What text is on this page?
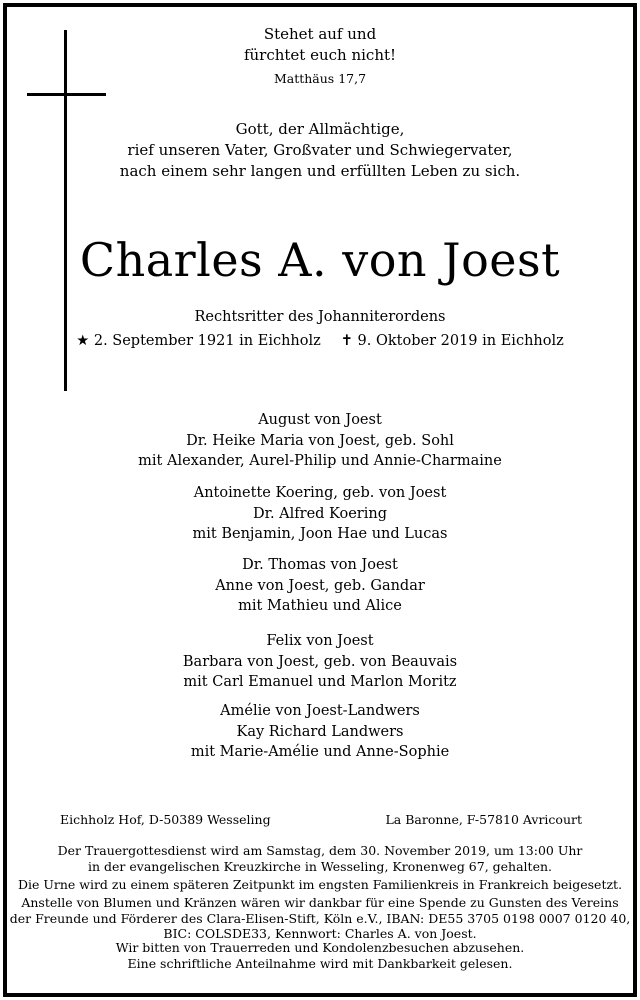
Stehet auf und
fürchtet euch nicht!
Matthäus 17,7
Gott, der Allmächtige,
rief unseren Vater, Großvater und Schwiegervater,
nach einem sehr langen und erfüllten Leben zu sich.
Charles A. von Joest
Rechtsritter des Johanniterordens
★ 2. September 1921 in Eichholz ✝ 9. Oktober 2019 in Eichholz
August von Joest
Dr. Heike Maria von Joest, geb. Sohl
mit Alexander, Aurel-Philip und Annie-Charmaine
Antoinette Koering, geb. von Joest
Dr. Alfred Koering
mit Benjamin, Joon Hae und Lucas
Dr. Thomas von Joest
Anne von Joest, geb. Gandar
mit Mathieu und Alice
Felix von Joest
Barbara von Joest, geb. von Beauvais
mit Carl Emanuel und Marlon Moritz
Amélie von Joest-Landwers
Kay Richard Landwers
mit Marie-Amélie und Anne-Sophie
Eichholz Hof, D-50389 Wesseling	La Baronne, F-57810 Avricourt
Der Trauergottesdienst wird am Samstag, dem 30. November 2019, um 13:00 Uhr
in der evangelischen Kreuzkirche in Wesseling, Kronenweg 67, gehalten.
Die Urne wird zu einem späteren Zeitpunkt im engsten Familienkreis in Frankreich beigesetzt.
Anstelle von Blumen und Kränzen wären wir dankbar für eine Spende zu Gunsten des Vereins
der Freunde und Förderer des Clara-Elisen-Stift, Köln e.V., IBAN: DE55 3705 0198 0007 0120 40,
BIC: COLSDE33, Kennwort: Charles A. von Joest.
Wir bitten von Trauerreden und Kondolenzbesuchen abzusehen.
Eine schriftliche Anteilnahme wird mit Dankbarkeit gelesen.
